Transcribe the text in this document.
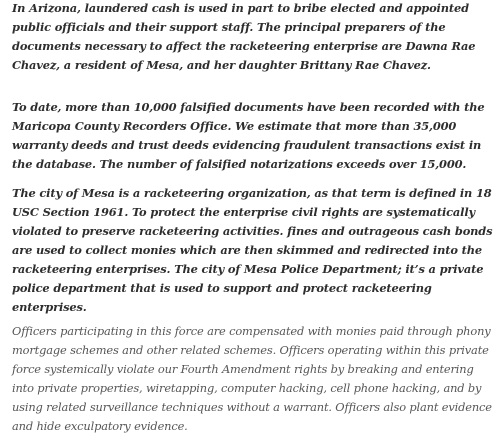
In Arizona, laundered cash is used in part to bribe elected and appointed public officials and their support staff. The principal preparers of the documents necessary to affect the racketeering enterprise are Dawna Rae Chavez, a resident of Mesa, and her daughter Brittany Rae Chavez.

To date, more than 10,000 falsified documents have been recorded with the Maricopa County Recorders Office. We estimate that more than 35,000 warranty deeds and trust deeds evidencing fraudulent transactions exist in the database. The number of falsified notarizations exceeds over 15,000.

The city of Mesa is a racketeering organization, as that term is defined in 18 USC Section 1961. To protect the enterprise civil rights are systematically violated to preserve racketeering activities. fines and outrageous cash bonds are used to collect monies which are then skimmed and redirected into the racketeering enterprises. The city of Mesa Police Department; it’s a private police department that is used to support and protect racketeering enterprises.

Officers participating in this force are compensated with monies paid through phony mortgage schemes and other related schemes. Officers operating within this private force systemically violate our Fourth Amendment rights by breaking and entering into private properties, wiretapping, computer hacking, cell phone hacking, and by using related surveillance techniques without a warrant. Officers also plant evidence and hide exculpatory evidence.
